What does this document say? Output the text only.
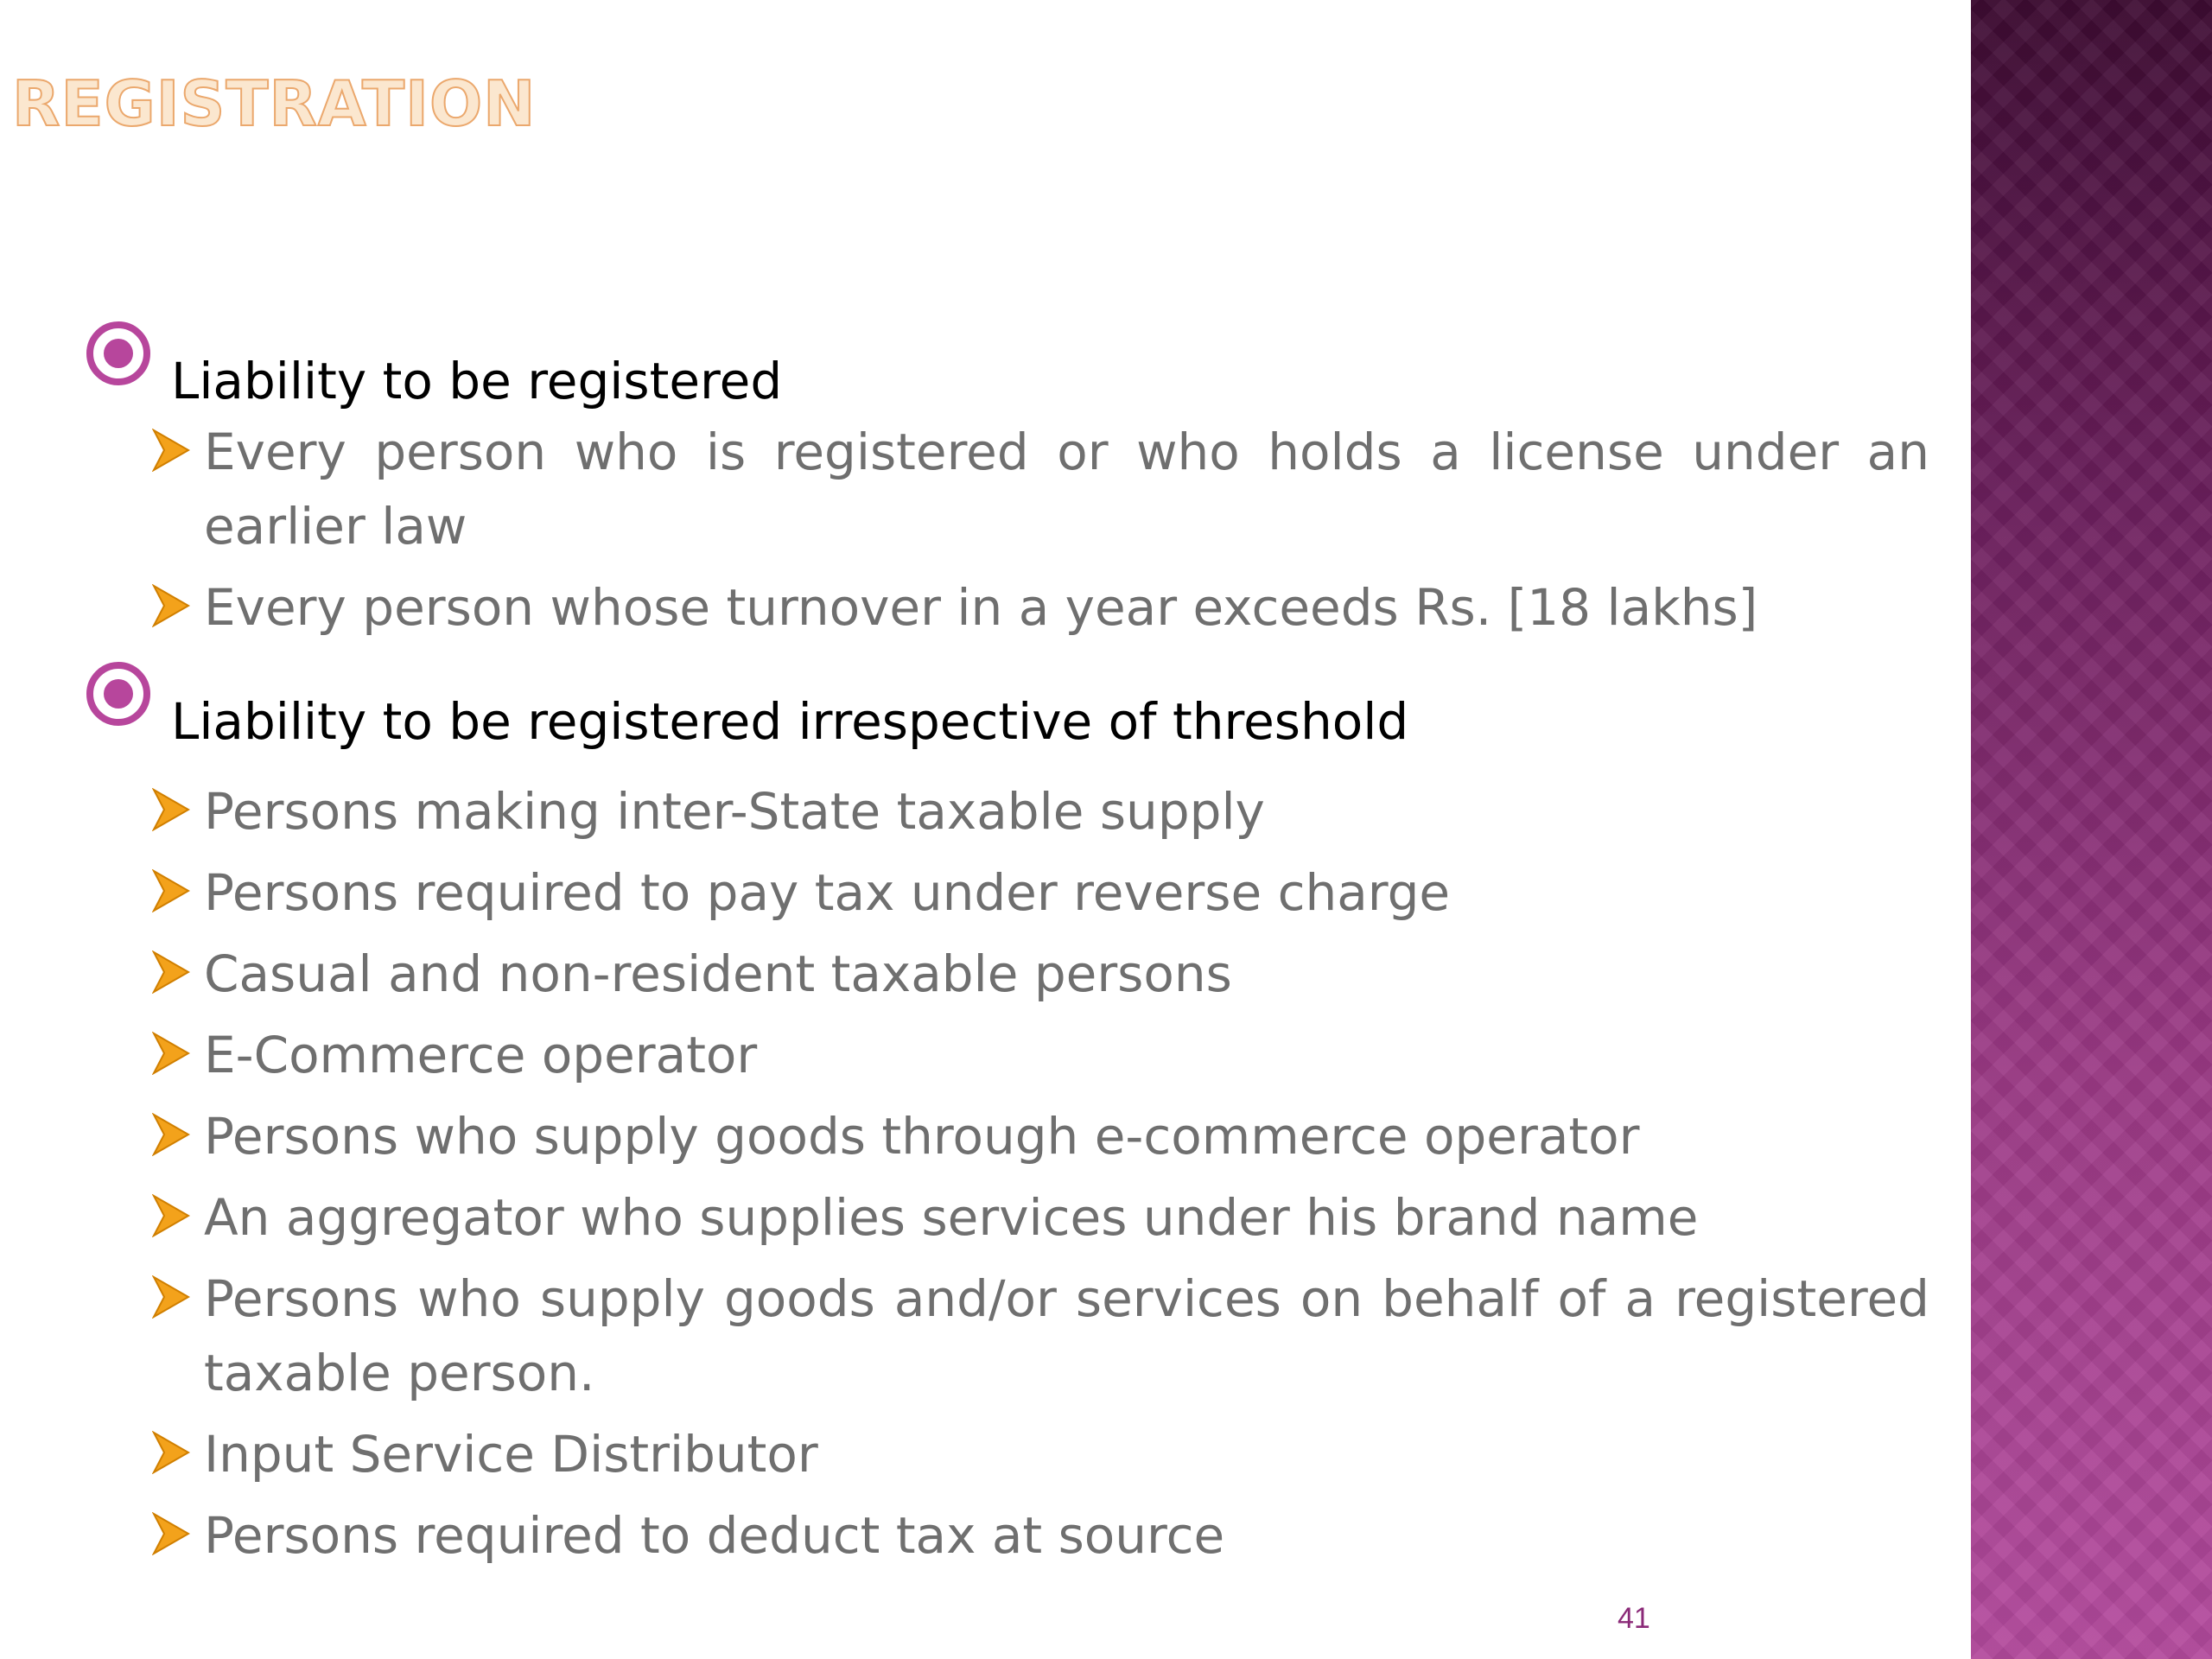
REGISTRATION
Liability to be registered
Every person who is registered or who holds a license under an earlier law
Every person whose turnover in a year exceeds Rs. [18 lakhs]
Liability to be registered irrespective of threshold
Persons making inter-State taxable supply
Persons required to pay tax under reverse charge
Casual and non-resident taxable persons
E-Commerce operator
Persons who supply goods through e-commerce operator
An aggregator who supplies services under his brand name
Persons who supply goods and/or services on behalf of a registered taxable person.
Input Service Distributor
Persons required to deduct tax at source
41
